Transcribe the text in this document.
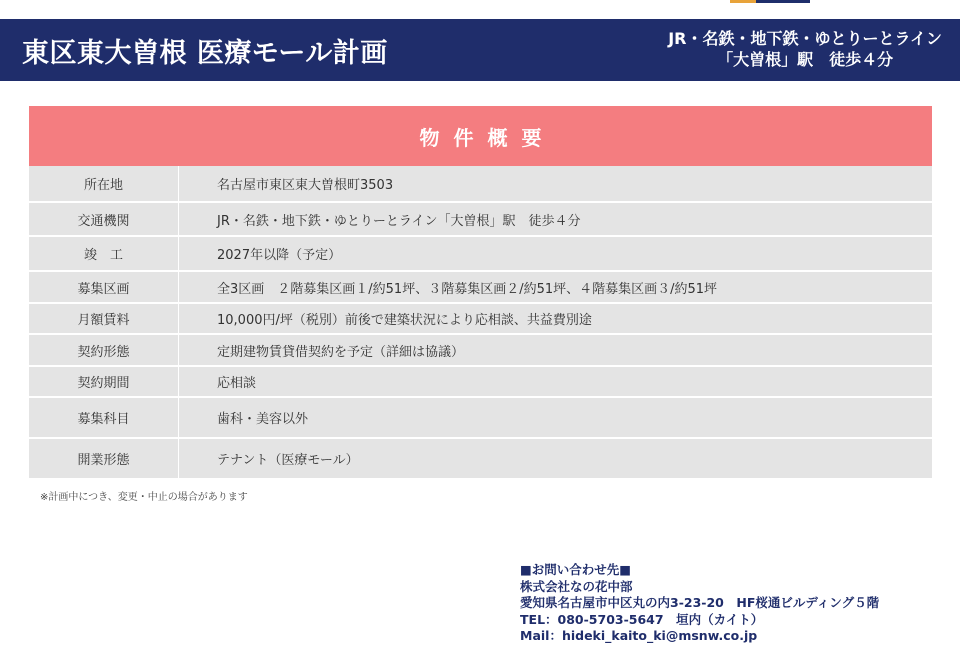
東区東大曽根 医療モール計画	JR・名鉄・地下鉄・ゆとりーとライン
「大曽根」駅　徒歩４分
物件概要
所在地	名古屋市東区東大曽根町3503
交通機関	JR・名鉄・地下鉄・ゆとりーとライン「大曽根」駅　徒歩４分
竣　工	2027年以降（予定）
募集区画	全3区画　２階募集区画１/約51坪、３階募集区画２/約51坪、４階募集区画３/約51坪
月額賃料	10,000円/坪（税別）前後で建築状況により応相談、共益費別途
契約形態	定期建物賃貸借契約を予定（詳細は協議）
契約期間	応相談
募集科目	歯科・美容以外
開業形態	テナント（医療モール）
※計画中につき、変更・中止の場合があります
■お問い合わせ先■
株式会社なの花中部
愛知県名古屋市中区丸の内3-23-20　HF桜通ビルディング５階
TEL：080-5703-5647　垣内（カイト）
Mail：hideki_kaito_ki@msnw.co.jp
